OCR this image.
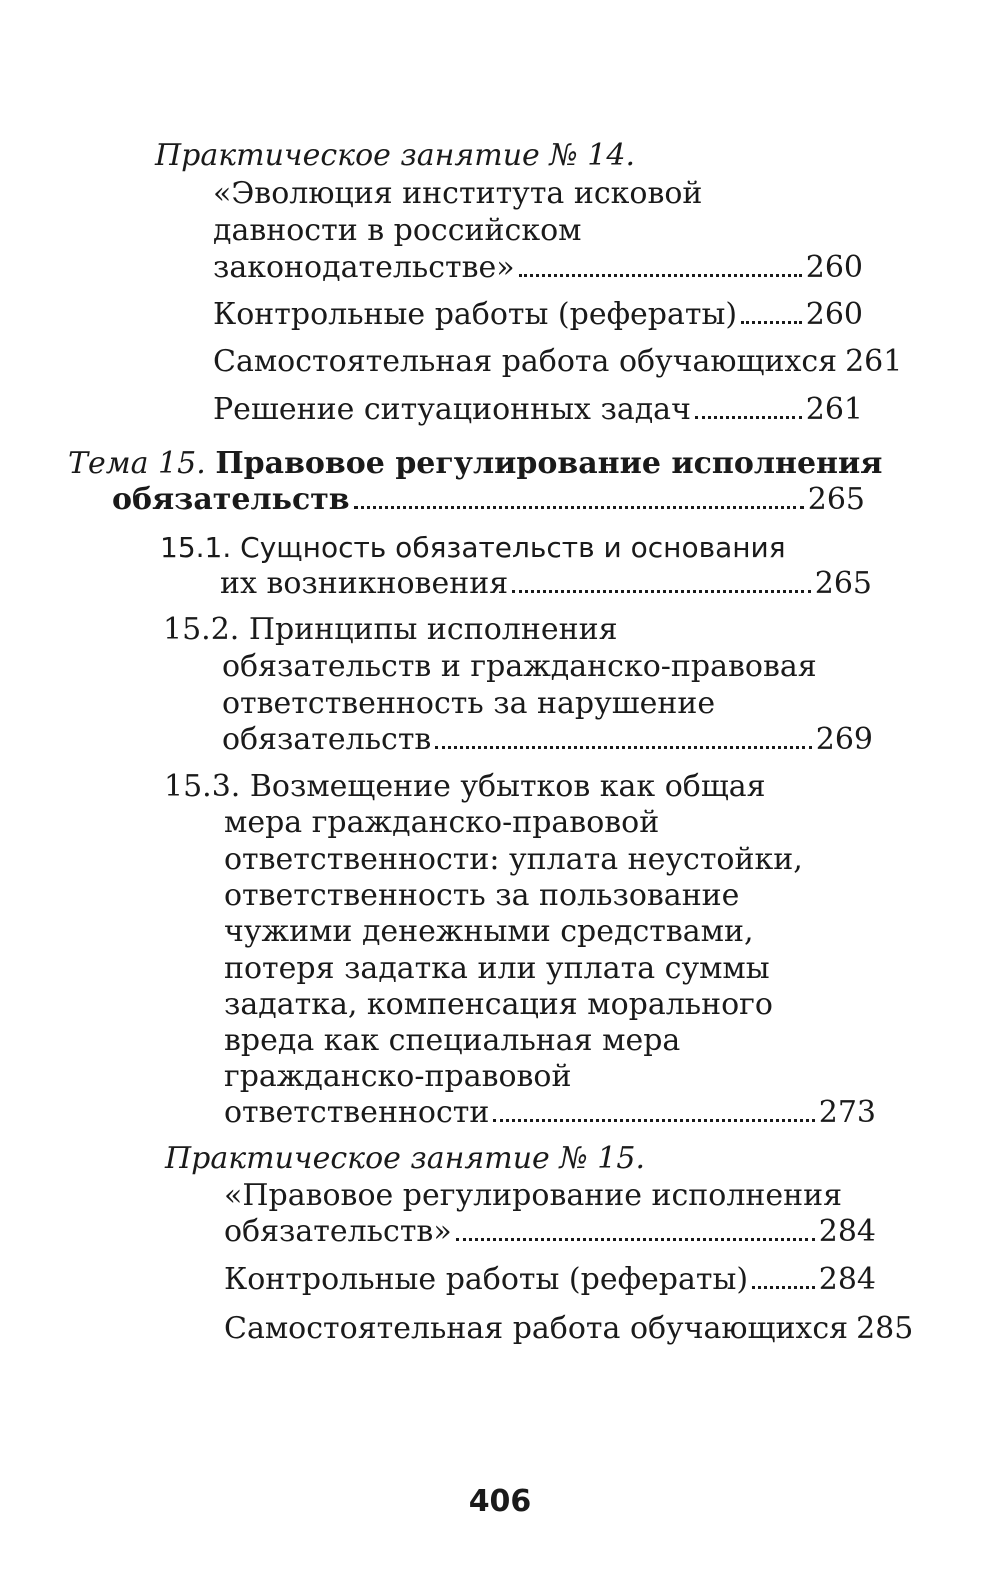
Практическое занятие № 14.
«Эволюция института исковой
давности в российском
законодательстве»	260
Контрольные работы (рефераты) 260
Самостоятельная работа обучающихся 261
Решение ситуационных задач	261
Тема 15. Правовое регулирование исполнения
обязательств	265
15.1. Сущность обязательств и основания
их возникновения	265
15.2. Принципы исполнения
обязательств и гражданско-правовая
ответственность за нарушение
обязательств	269
15.3. Возмещение убытков как общая
мера гражданско-правовой
ответственности: уплата неустойки,
ответственность за пользование
чужими денежными средствами,
потеря задатка или уплата суммы
задатка, компенсация морального
вреда как специальная мера
гражданско-правовой
ответственности	273
Практическое занятие № 15.
«Правовое регулирование исполнения
обязательств»	284
Контрольные работы (рефераты) 284
Самостоятельная работа обучающихся 285
406
